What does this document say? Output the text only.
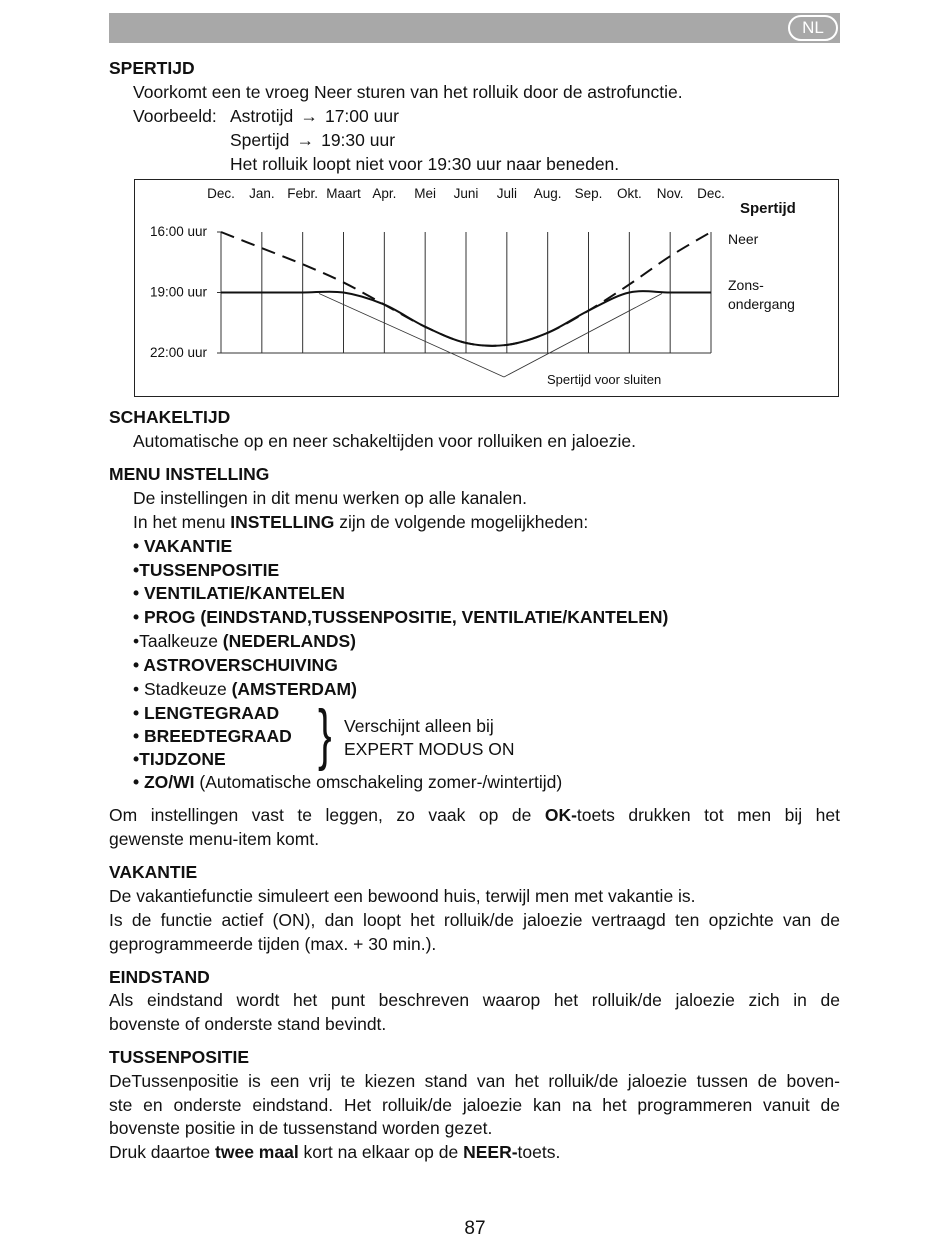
NL
SPERTIJD
Voorkomt een te vroeg Neer sturen van het rolluik door de astrofunctie.
Voorbeeld: Astrotijd → 17:00 uur
Spertijd → 19:30 uur
Het rolluik loopt niet voor 19:30 uur naar beneden.
Dec. Jan. Febr. Maart Apr. Mei Juni Juli Aug. Sep. Okt. Nov. Dec.
16:00 uur
19:00 uur
22:00 uur
Spertijd voor sluiten
Spertijd
Neer
Zons-
ondergang
SCHAKELTIJD
Automatische op en neer schakeltijden voor rolluiken en jaloezie.
MENU INSTELLING
De instellingen in dit menu werken op alle kanalen.
In het menu INSTELLING zijn de volgende mogelijkheden:
• VAKANTIE
•TUSSENPOSITIE
• VENTILATIE/KANTELEN
• PROG (EINDSTAND,TUSSENPOSITIE, VENTILATIE/KANTELEN)
•Taalkeuze (NEDERLANDS)
• ASTROVERSCHUIVING
• Stadkeuze (AMSTERDAM)
• LENGTEGRAAD
• BREEDTEGRAAD
•TIJDZONE } Verschijnt alleen bij
EXPERT MODUS ON
• ZO/WI (Automatische omschakeling zomer-/wintertijd)
Om instellingen vast te leggen, zo vaak op de OK-toets drukken tot men bij het
gewenste menu-item komt.
VAKANTIE
De vakantiefunctie simuleert een bewoond huis, terwijl men met vakantie is.
Is de functie actief (ON), dan loopt het rolluik/de jaloezie vertraagd ten opzichte van de
geprogrammeerde tijden (max. + 30 min.).
EINDSTAND
Als eindstand wordt het punt beschreven waarop het rolluik/de jaloezie zich in de
bovenste of onderste stand bevindt.
TUSSENPOSITIE
DeTussenpositie is een vrij te kiezen stand van het rolluik/de jaloezie tussen de boven-
ste en onderste eindstand. Het rolluik/de jaloezie kan na het programmeren vanuit de
bovenste positie in de tussenstand worden gezet.
Druk daartoe twee maal kort na elkaar op de NEER-toets.
87
